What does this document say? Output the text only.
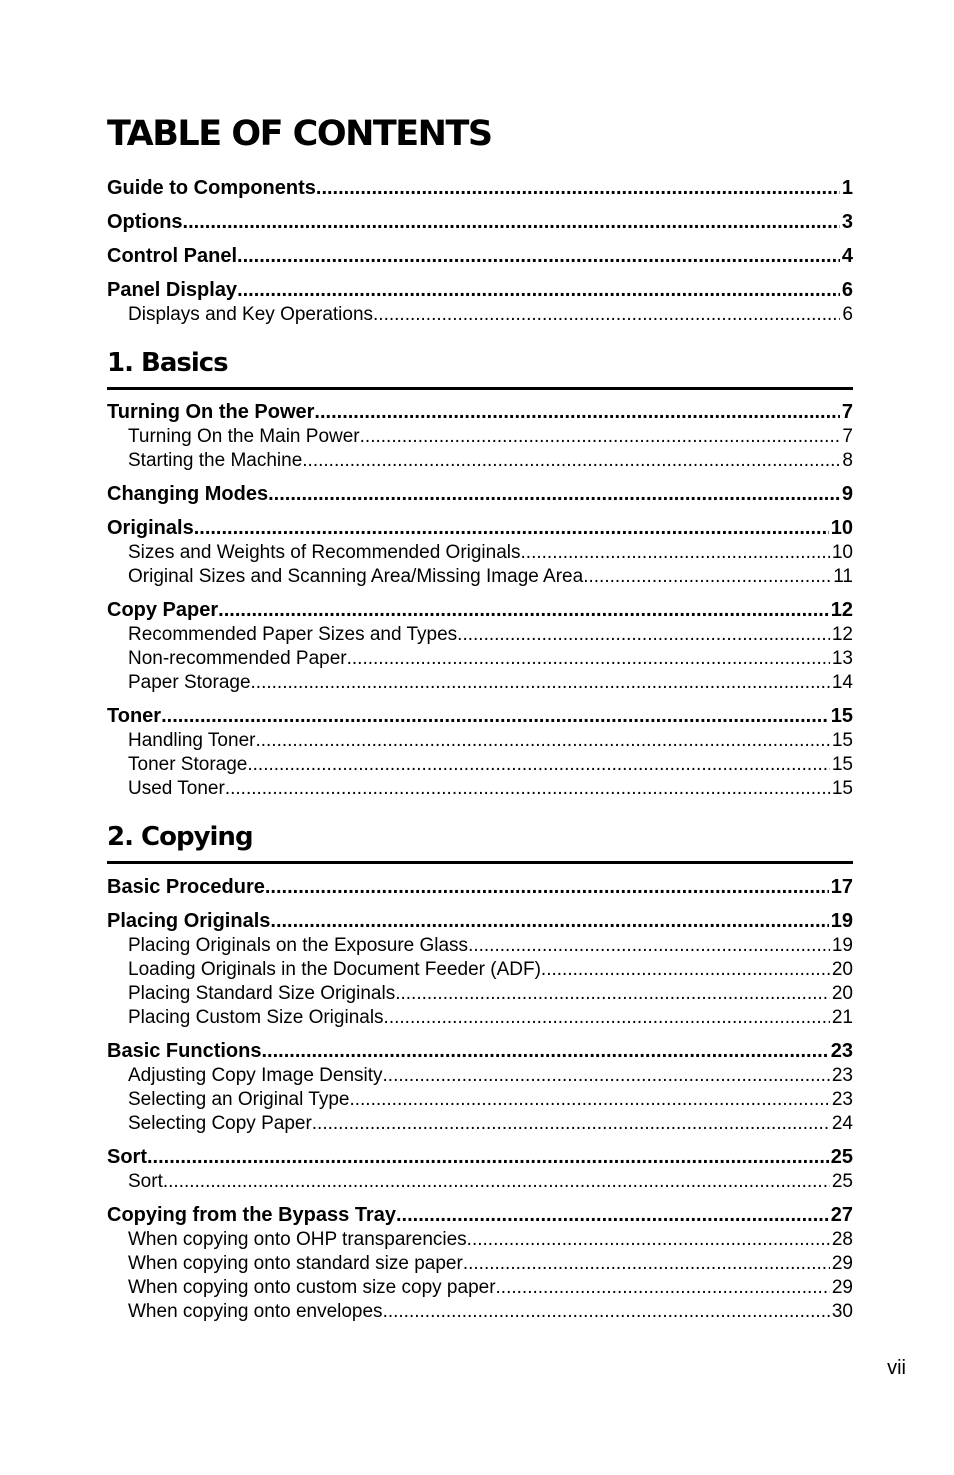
TABLE OF CONTENTS
Guide to Components .....	1
Options .....	3
Control Panel .....	4
Panel Display .....	6
Displays and Key Operations .....	6
1. Basics
Turning On the Power .....	7
Turning On the Main Power .....	7
Starting the Machine .....	8
Changing Modes .....	9
Originals .....	10
Sizes and Weights of Recommended Originals .....	10
Original Sizes and Scanning Area/Missing Image Area .....	11
Copy Paper .....	12
Recommended Paper Sizes and Types .....	12
Non-recommended Paper .....	13
Paper Storage .....	14
Toner .....	15
Handling Toner .....	15
Toner Storage .....	15
Used Toner .....	15
2. Copying
Basic Procedure .....	17
Placing Originals .....	19
Placing Originals on the Exposure Glass .....	19
Loading Originals in the Document Feeder (ADF) .....	20
Placing Standard Size Originals .....	20
Placing Custom Size Originals .....	21
Basic Functions .....	23
Adjusting Copy Image Density .....	23
Selecting an Original Type .....	23
Selecting Copy Paper .....	24
Sort .....	25
Sort .....	25
Copying from the Bypass Tray .....	27
When copying onto OHP transparencies .....	28
When copying onto standard size paper .....	29
When copying onto custom size copy paper .....	29
When copying onto envelopes .....	30
vii
